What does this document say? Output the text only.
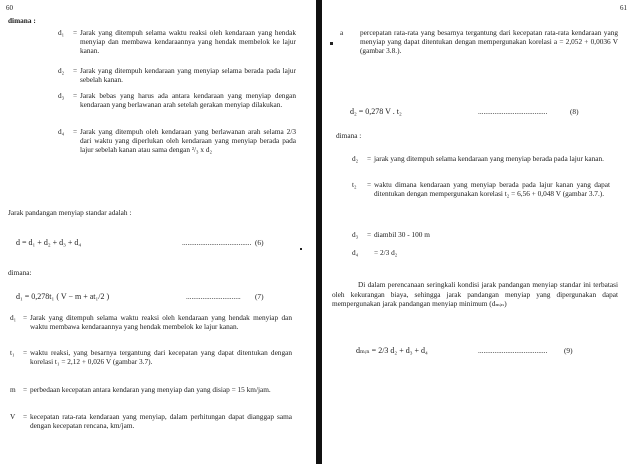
60
dimana :
d₁	= Jarak yang ditempuh selama waktu reaksi oleh kendaraan yang hendak menyiap dan membawa kendaraannya yang hendak membelok ke lajur kanan.
d₂	= Jarak yang ditempuh kendaraan yang menyiap selama berada pada lajur sebelah kanan.
d₃	= Jarak bebas yang harus ada antara kendaraan yang menyiap dengan kendaraan yang berlawanan arah setelah gerakan menyiap dilakukan.
d₄	= Jarak yang ditempuh oleh kendaraan yang berlawanan arah selama 2/3 dari waktu yang diperlukan oleh kendaraan yang menyiap berada pada lajur sebelah kanan atau sama dengan ²/₃ x d₂
Jarak pandangan menyiap standar adalah :
d = d₁ + d₂ + d₃ + d₄	...................................... (6)
dimana:
d₁ = 0,278t₁ ( V − m + at₁/2 )	.............................. (7)
d₁ = Jarak yang ditempuh selama waktu reaksi oleh kendaraan yang hendak menyiap dan waktu membawa kendaraannya yang hendak membelok ke lajur kanan.
t₁	= waktu reaksi, yang besarnya tergantung dari kecepatan yang dapat ditentukan dengan korelasi t₁ = 2,12 + 0,026 V (gambar 3.7).
m = perbedaan kecepatan antara kendaran yang menyiap dan yang disiap = 15 km/jam.
V	= kecepatan rata-rata kendaraan yang menyiap, dalam perhitungan dapat dianggap sama dengan kecepatan rencana, km/jam.
61
a	percepatan rata-rata yang besarnya tergantung dari kecepatan rata-rata kendaraan yang menyiap yang dapat ditentukan dengan mempergunakan korelasi a = 2,052 + 0,0036 V (gambar 3.8.).
d₂ = 0,278 V . t₂	......................................	(8)
dimana :
d₂	= jarak yang ditempuh selama kendaraan yang menyiap berada pada lajur kanan.
t₂	= waktu dimana kendaraan yang menyiap berada pada lajur kanan yang dapat ditentukan dengan mempergunakan korelasi t₂ = 6,56 + 0,048 V (gambar 3.7.).
d₃	= diambil 30 - 100 m
d₄	= 2/3 d₂
Di dalam perencanaan seringkali kondisi jarak pandangan menyiap standar ini terbatasi oleh kekurangan biaya, sehingga jarak pandangan menyiap yang dipergunakan dapat mempergunakan jarak pandangan menyiap minimum (dₘᵢₙ)
dₘᵢₙ = 2/3 d₂ + d₃ + d₄	...................................... (9)
